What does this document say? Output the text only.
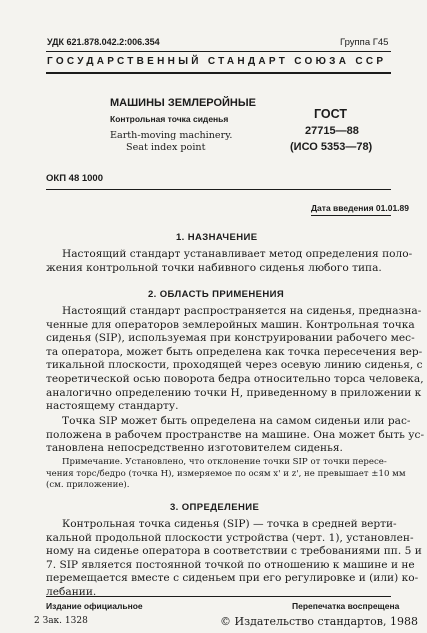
УДК 621.878.042.2:006.354	Группа Г45
ГОСУДАРСТВЕННЫЙ СТАНДАРТ СОЮЗА ССР
МАШИНЫ ЗЕМЛЕРОЙНЫЕ
Контрольная точка сиденья
Earth-moving machinery.
Seat index point
ГОСТ
27715—88
(ИСО 5353—78)
ОКП 48 1000
Дата введения 01.01.89
1. НАЗНАЧЕНИЕ
Настоящий стандарт устанавливает метод определения поло-
жения контрольной точки набивного сиденья любого типа.
2. ОБЛАСТЬ ПРИМЕНЕНИЯ
Настоящий стандарт распространяется на сиденья, предназна-
ченные для операторов землеройных машин. Контрольная точка
сиденья (SIP), используемая при конструировании рабочего мес-
та оператора, может быть определена как точка пересечения вер-
тикальной плоскости, проходящей через осевую линию сиденья, с
теоретической осью поворота бедра относительно торса человека,
аналогично определению точки H, приведенному в приложении к
настоящему стандарту.
Точка SIP может быть определена на самом сиденьи или рас-
положена в рабочем пространстве на машине. Она может быть ус-
тановлена непосредственно изготовителем сиденья.
Примечание. Установлено, что отклонение точки SIP от точки пересе-
чения торс/бедро (точка H), измеряемое по осям x' и z', не превышает ±10 мм
(см. приложение).
3. ОПРЕДЕЛЕНИЕ
Контрольная точка сиденья (SIP) — точка в средней верти-
кальной продольной плоскости устройства (черт. 1), установлен-
ному на сиденье оператора в соответствии с требованиями пп. 5 и
7. SIP является постоянной точкой по отношению к машине и не
перемещается вместе с сиденьем при его регулировке и (или) ко-
лебании.
Издание официальное	Перепечатка воспрещена
© Издательство стандартов, 1988
2 Зак. 1328
